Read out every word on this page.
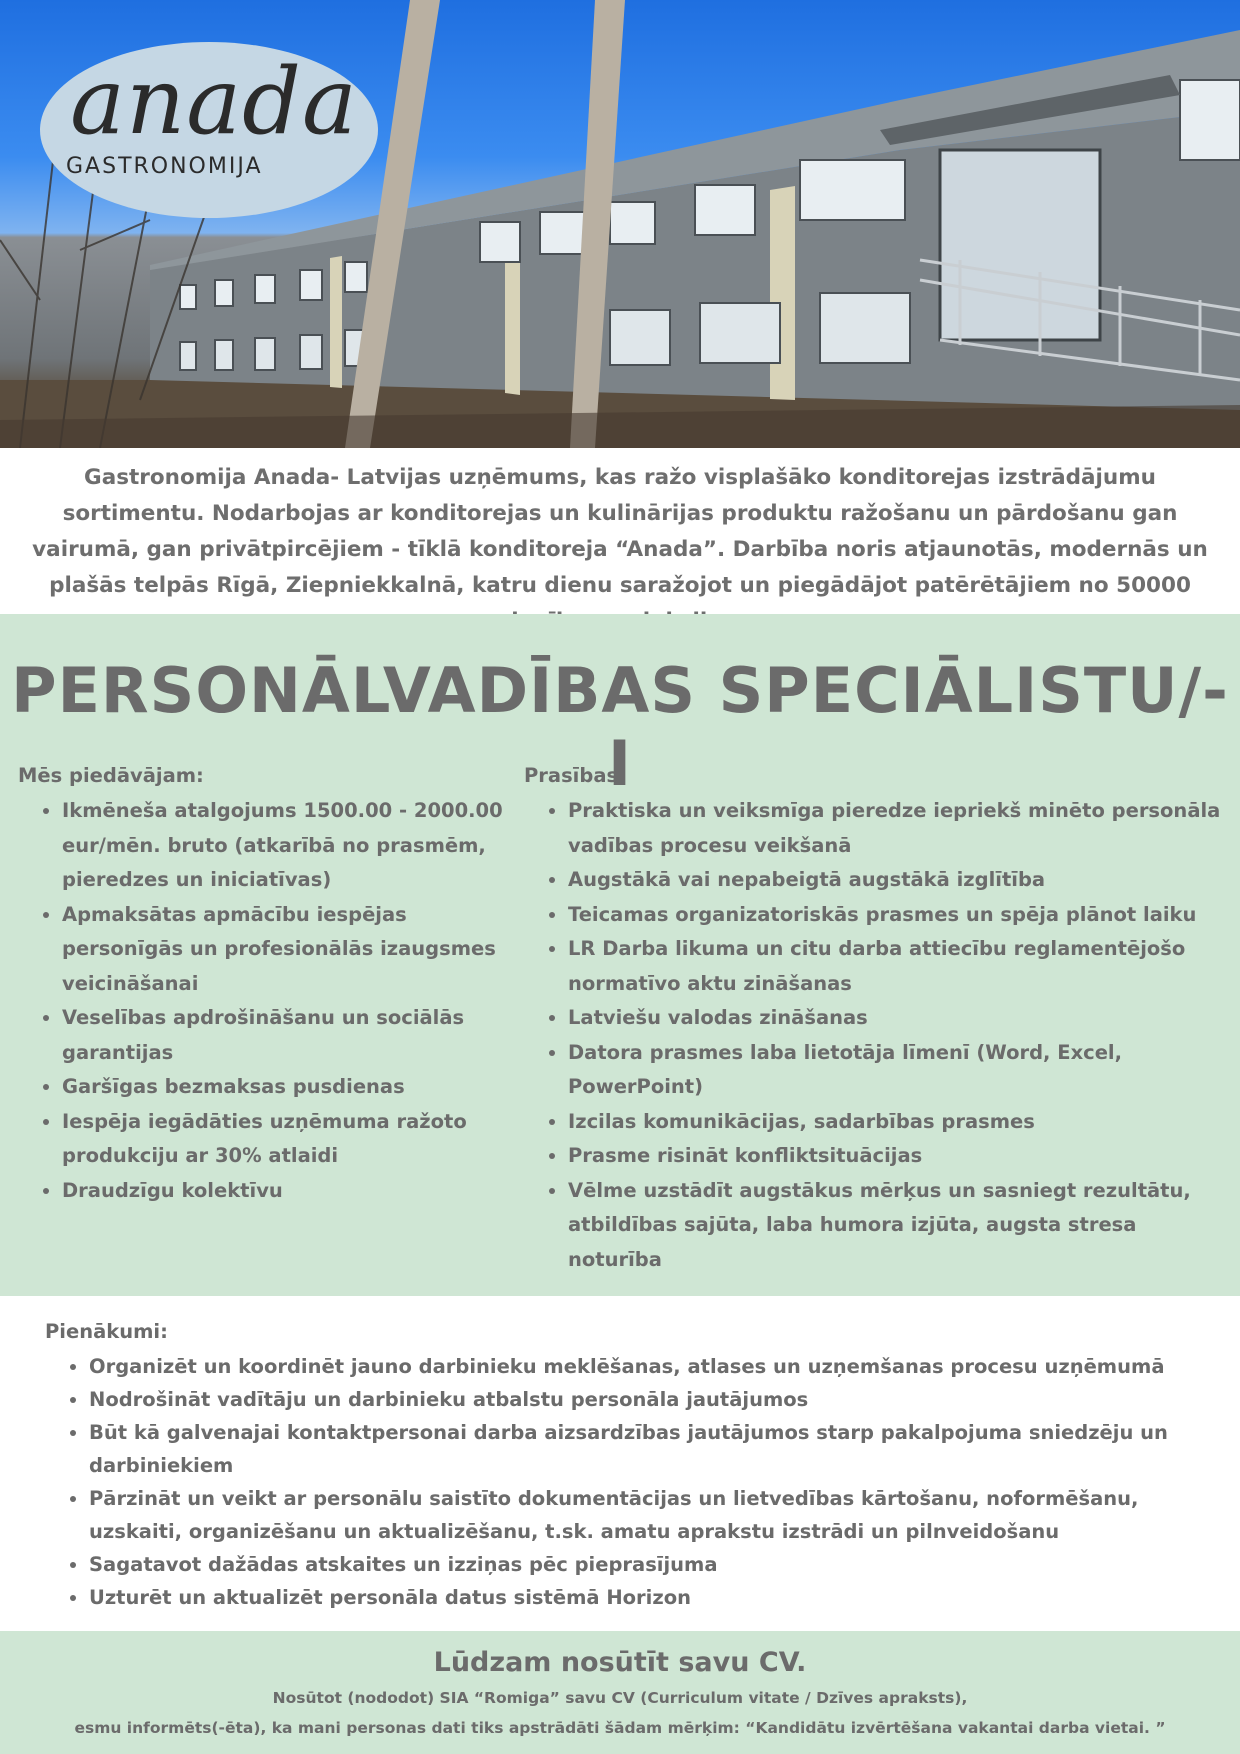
anada
GASTRONOMIJA
Gastronomija Anada- Latvijas uzņēmums, kas ražo visplašāko konditorejas izstrādājumu sortimentu. Nodarbojas ar konditorejas un kulinārijas produktu ražošanu un pārdošanu gan vairumā, gan privātpircējiem - tīklā konditoreja “Anada”. Darbība noris atjaunotās, modernās un plašās telpās Rīgā, Ziepniekkalnā, katru dienu saražojot un piegādājot patērētājiem no 50000
PERSONĀLVADĪBAS SPECIĀLISTU/-I
Mēs piedāvājam:
• Ikmēneša atalgojums 1500.00 - 2000.00 eur/mēn. bruto (atkarībā no prasmēm, pieredzes un iniciatīvas)
• Apmaksātas apmācību iespējas personīgās un profesionālās izaugsmes veicināšanai
• Veselības apdrošināšanu un sociālās garantijas
• Garšīgas bezmaksas pusdienas
• Iespēja iegādāties uzņēmuma ražoto produkciju ar 30% atlaidi
• Draudzīgu kolektīvu
Prasības:
• Praktiska un veiksmīga pieredze iepriekš minēto personāla vadības procesu veikšanā
• Augstākā vai nepabeigtā augstākā izglītība
• Teicamas organizatoriskās prasmes un spēja plānot laiku
• LR Darba likuma un citu darba attiecību reglamentējošo normatīvo aktu zināšanas
• Latviešu valodas zināšanas
• Datora prasmes laba lietotāja līmenī (Word, Excel, PowerPoint)
• Izcilas komunikācijas, sadarbības prasmes
• Prasme risināt konfliktsituācijas
• Vēlme uzstādīt augstākus mērķus un sasniegt rezultātu, atbildības sajūta, laba humora izjūta, augsta stresa noturība
Pienākumi:
• Organizēt un koordinēt jauno darbinieku meklēšanas, atlases un uzņemšanas procesu uzņēmumā
• Nodrošināt vadītāju un darbinieku atbalstu personāla jautājumos
• Būt kā galvenajai kontaktpersonai darba aizsardzības jautājumos starp pakalpojuma sniedzēju un darbiniekiem
• Pārzināt un veikt ar personālu saistīto dokumentācijas un lietvedības kārtošanu, noformēšanu, uzskaiti, organizēšanu un aktualizēšanu, t.sk. amatu aprakstu izstrādi un pilnveidošanu
• Sagatavot dažādas atskaites un izziņas pēc pieprasījuma
• Uzturēt un aktualizēt personāla datus sistēmā Horizon
Lūdzam nosūtīt savu CV.
Nosūtot (nododot) SIA “Romiga” savu CV (Curriculum vitate / Dzīves apraksts),
esmu informēts(-ēta), ka mani personas dati tiks apstrādāti šādam mērķim: “Kandidātu izvērtēšana vakantai darba vietai. ”
